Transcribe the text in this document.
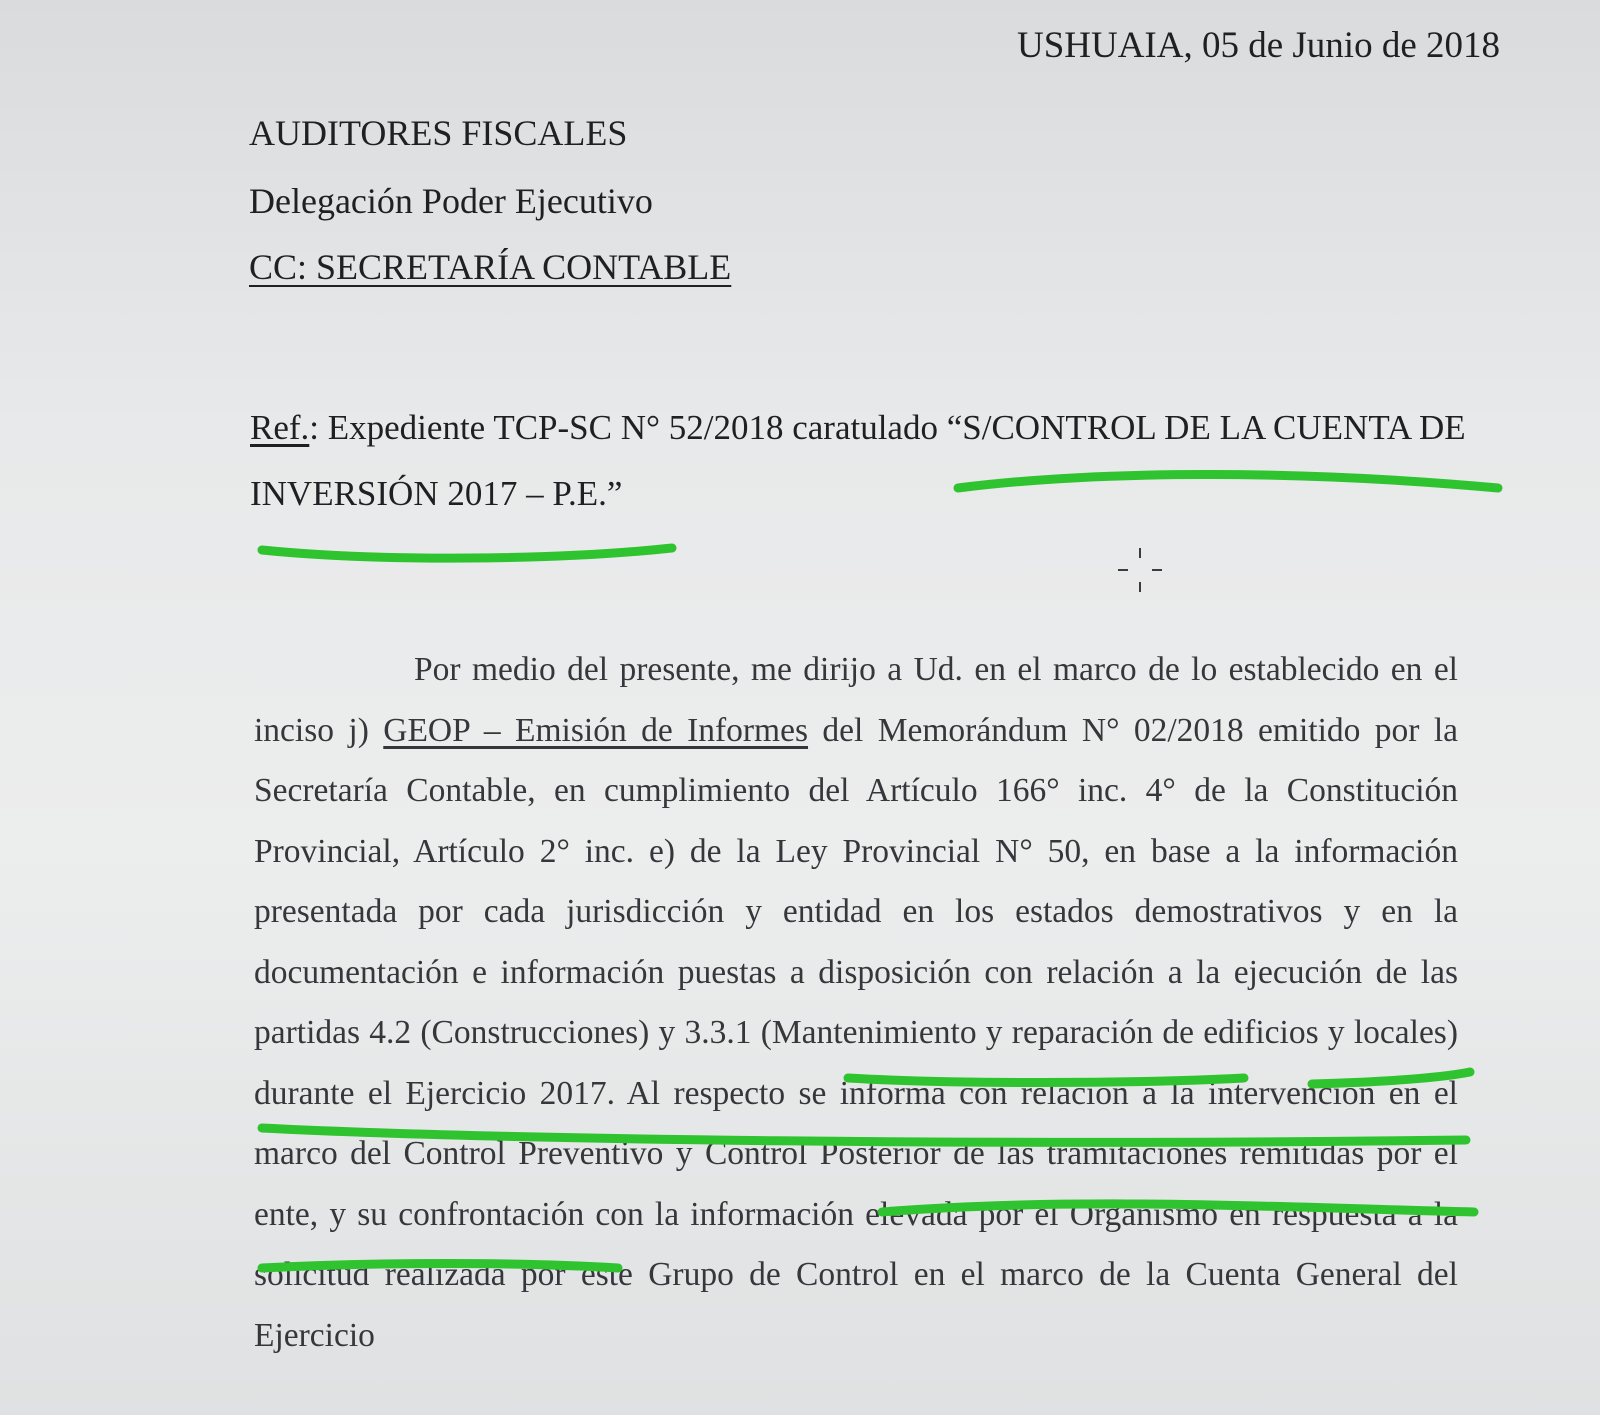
USHUAIA, 05 de Junio de 2018
AUDITORES FISCALES
Delegación Poder Ejecutivo
CC: SECRETARÍA CONTABLE
Ref.: Expediente TCP-SC N° 52/2018 caratulado “S/CONTROL DE LA CUENTA DE INVERSIÓN 2017 – P.E.”
Por medio del presente, me dirijo a Ud. en el marco de lo establecido en el inciso j) GEOP – Emisión de Informes del Memorándum N° 02/2018 emitido por la Secretaría Contable, en cumplimiento del Artículo 166° inc. 4° de la Constitución Provincial, Artículo 2° inc. e) de la Ley Provincial N° 50, en base a la información presentada por cada jurisdicción y entidad en los estados demostrativos y en la documentación e información puestas a disposición con relación a la ejecución de las partidas 4.2 (Construcciones) y 3.3.1 (Mantenimiento y reparación de edificios y locales) durante el Ejercicio 2017. Al respecto se informa con relación a la intervención en el marco del Control Preventivo y Control Posterior de las tramitaciones remitidas por el ente, y su confrontación con la información elevada por el Organismo en respuesta a la solicitud realizada por este Grupo de Control en el marco de la Cuenta General del Ejercicio
